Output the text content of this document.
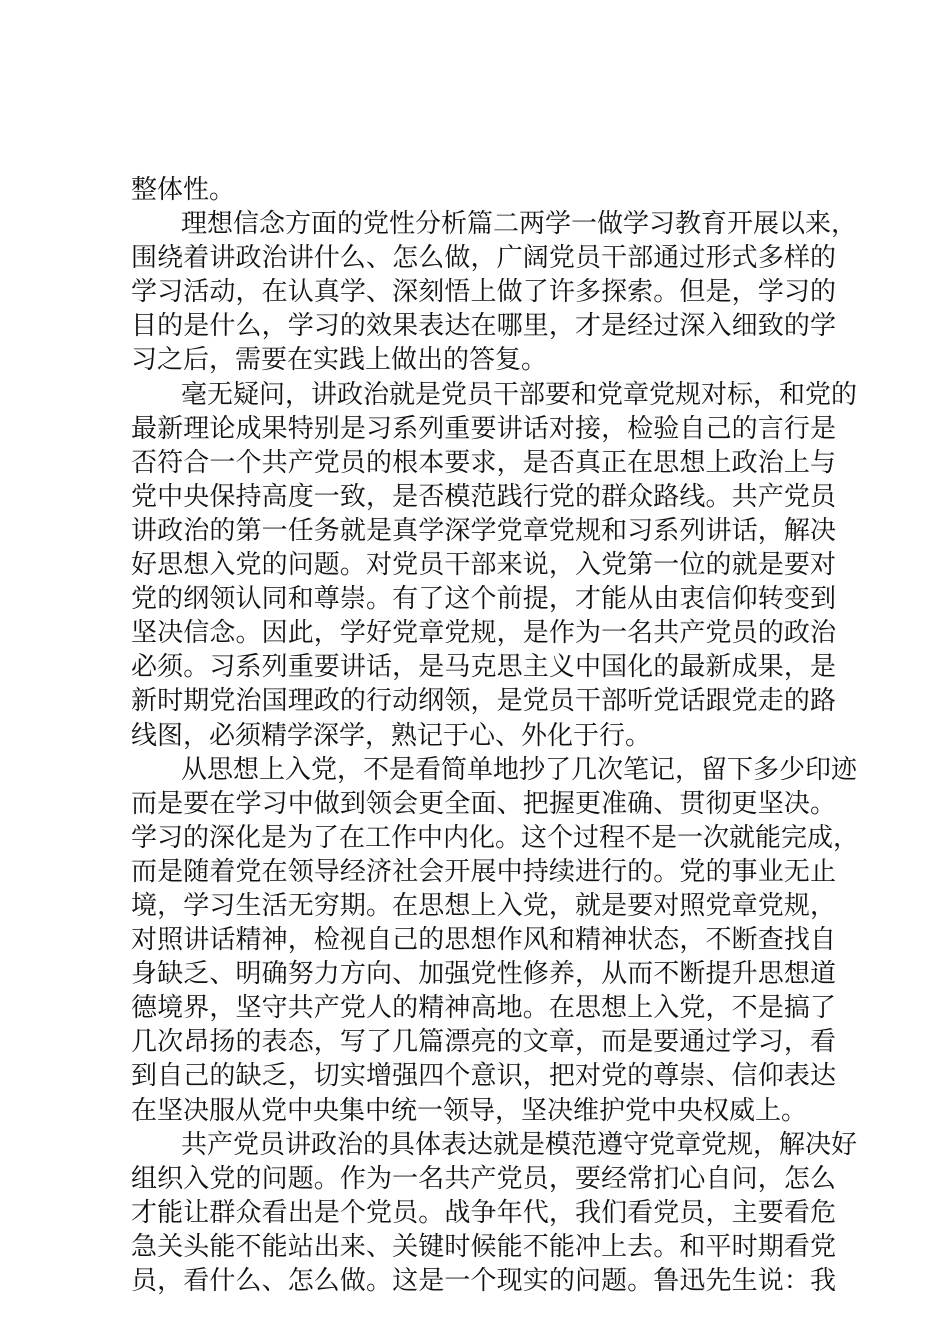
整体性。
理想信念方面的党性分析篇二两学一做学习教育开展以来，
围绕着讲政治讲什么、怎么做，广阔党员干部通过形式多样的
学习活动，在认真学、深刻悟上做了许多探索。但是，学习的
目的是什么，学习的效果表达在哪里，才是经过深入细致的学
习之后，需要在实践上做出的答复。
毫无疑问，讲政治就是党员干部要和党章党规对标，和党的
最新理论成果特别是习系列重要讲话对接，检验自己的言行是
否符合一个共产党员的根本要求，是否真正在思想上政治上与
党中央保持高度一致，是否模范践行党的群众路线。共产党员
讲政治的第一任务就是真学深学党章党规和习系列讲话，解决
好思想入党的问题。对党员干部来说，入党第一位的就是要对
党的纲领认同和尊崇。有了这个前提，才能从由衷信仰转变到
坚决信念。因此，学好党章党规，是作为一名共产党员的政治
必须。习系列重要讲话，是马克思主义中国化的最新成果，是
新时期党治国理政的行动纲领，是党员干部听党话跟党走的路
线图，必须精学深学，熟记于心、外化于行。
从思想上入党，不是看简单地抄了几次笔记，留下多少印迹
而是要在学习中做到领会更全面、把握更准确、贯彻更坚决。
学习的深化是为了在工作中内化。这个过程不是一次就能完成，
而是随着党在领导经济社会开展中持续进行的。党的事业无止
境，学习生活无穷期。在思想上入党，就是要对照党章党规，
对照讲话精神，检视自己的思想作风和精神状态，不断查找自
身缺乏、明确努力方向、加强党性修养，从而不断提升思想道
德境界，坚守共产党人的精神高地。在思想上入党，不是搞了
几次昂扬的表态，写了几篇漂亮的文章，而是要通过学习，看
到自己的缺乏，切实增强四个意识，把对党的尊崇、信仰表达
在坚决服从党中央集中统一领导，坚决维护党中央权威上。
共产党员讲政治的具体表达就是模范遵守党章党规，解决好
组织入党的问题。作为一名共产党员，要经常扪心自问，怎么
才能让群众看出是个党员。战争年代，我们看党员，主要看危
急关头能不能站出来、关键时候能不能冲上去。和平时期看党
员，看什么、怎么做。这是一个现实的问题。鲁迅先生说：我
